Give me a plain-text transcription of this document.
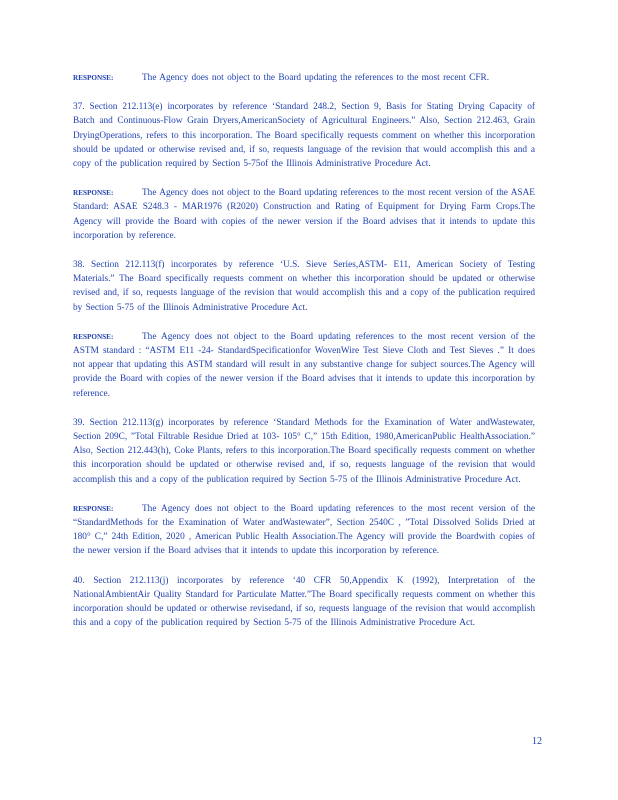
RESPONSE:	The Agency does not object to the Board updating the references to the most recent CFR.

37. Section 212.113(e) incorporates by reference ‘Standard 248.2, Section 9, Basis for Stating Drying Capacity of Batch and Continuous-Flow Grain Dryers,AmericanSociety of Agricultural Engineers.” Also, Section 212.463, Grain DryingOperations, refers to this incorporation. The Board specifically requests comment on whether this incorporation should be updated or otherwise revised and, if so, requests language of the revision that would accomplish this and a copy of the publication required by Section 5-75of the Illinois Administrative Procedure Act.

RESPONSE:	The Agency does not object to the Board updating references to the most recent version of the ASAE Standard: ASAE S248.3 - MAR1976 (R2020) Construction and Rating of Equipment for Drying Farm Crops.The Agency will provide the Board with copies of the newer version if the Board advises that it intends to update this incorporation by reference.

38. Section 212.113(f) incorporates by reference ‘U.S. Sieve Series,ASTM- E11, American Society of Testing Materials.” The Board specifically requests comment on whether this incorporation should be updated or otherwise revised and, if so, requests language of the revision that would accomplish this and a copy of the publication required by Section 5-75 of the Illinois Administrative Procedure Act.

RESPONSE:	The Agency does not object to the Board updating references to the most recent version of the ASTM standard : “ASTM E11 -24- StandardSpecificationfor WovenWire Test Sieve Cloth and Test Sieves .” It does not appear that updating this ASTM standard will result in any substantive change for subject sources.The Agency will provide the Board with copies of the newer version if the Board advises that it intends to update this incorporation by reference.

39. Section 212.113(g) incorporates by reference ‘Standard Methods for the Examination of Water andWastewater, Section 209C, ”Total Filtrable Residue Dried at 103- 105° C,” 15th Edition, 1980,AmericanPublic HealthAssociation.” Also, Section 212.443(h), Coke Plants, refers to this incorporation.The Board specifically requests comment on whether this incorporation should be updated or otherwise revised and, if so, requests language of the revision that would accomplish this and a copy of the publication required by Section 5-75 of the Illinois Administrative Procedure Act.

RESPONSE:	The Agency does not object to the Board updating references to the most recent version of the “StandardMethods for the Examination of Water andWastewater”, Section 2540C , ”Total Dissolved Solids Dried at 180° C,” 24th Edition, 2020 , American Public Health Association.The Agency will provide the Boardwith copies of the newer version if the Board advises that it intends to update this incorporation by reference.

40. Section 212.113(j) incorporates by reference ‘40 CFR 50,Appendix K (1992), Interpretation of the NationalAmbientAir Quality Standard for Particulate Matter.”The Board specifically requests comment on whether this incorporation should be updated or otherwise revisedand, if so, requests language of the revision that would accomplish this and a copy of the publication required by Section 5-75 of the Illinois Administrative Procedure Act.

12
